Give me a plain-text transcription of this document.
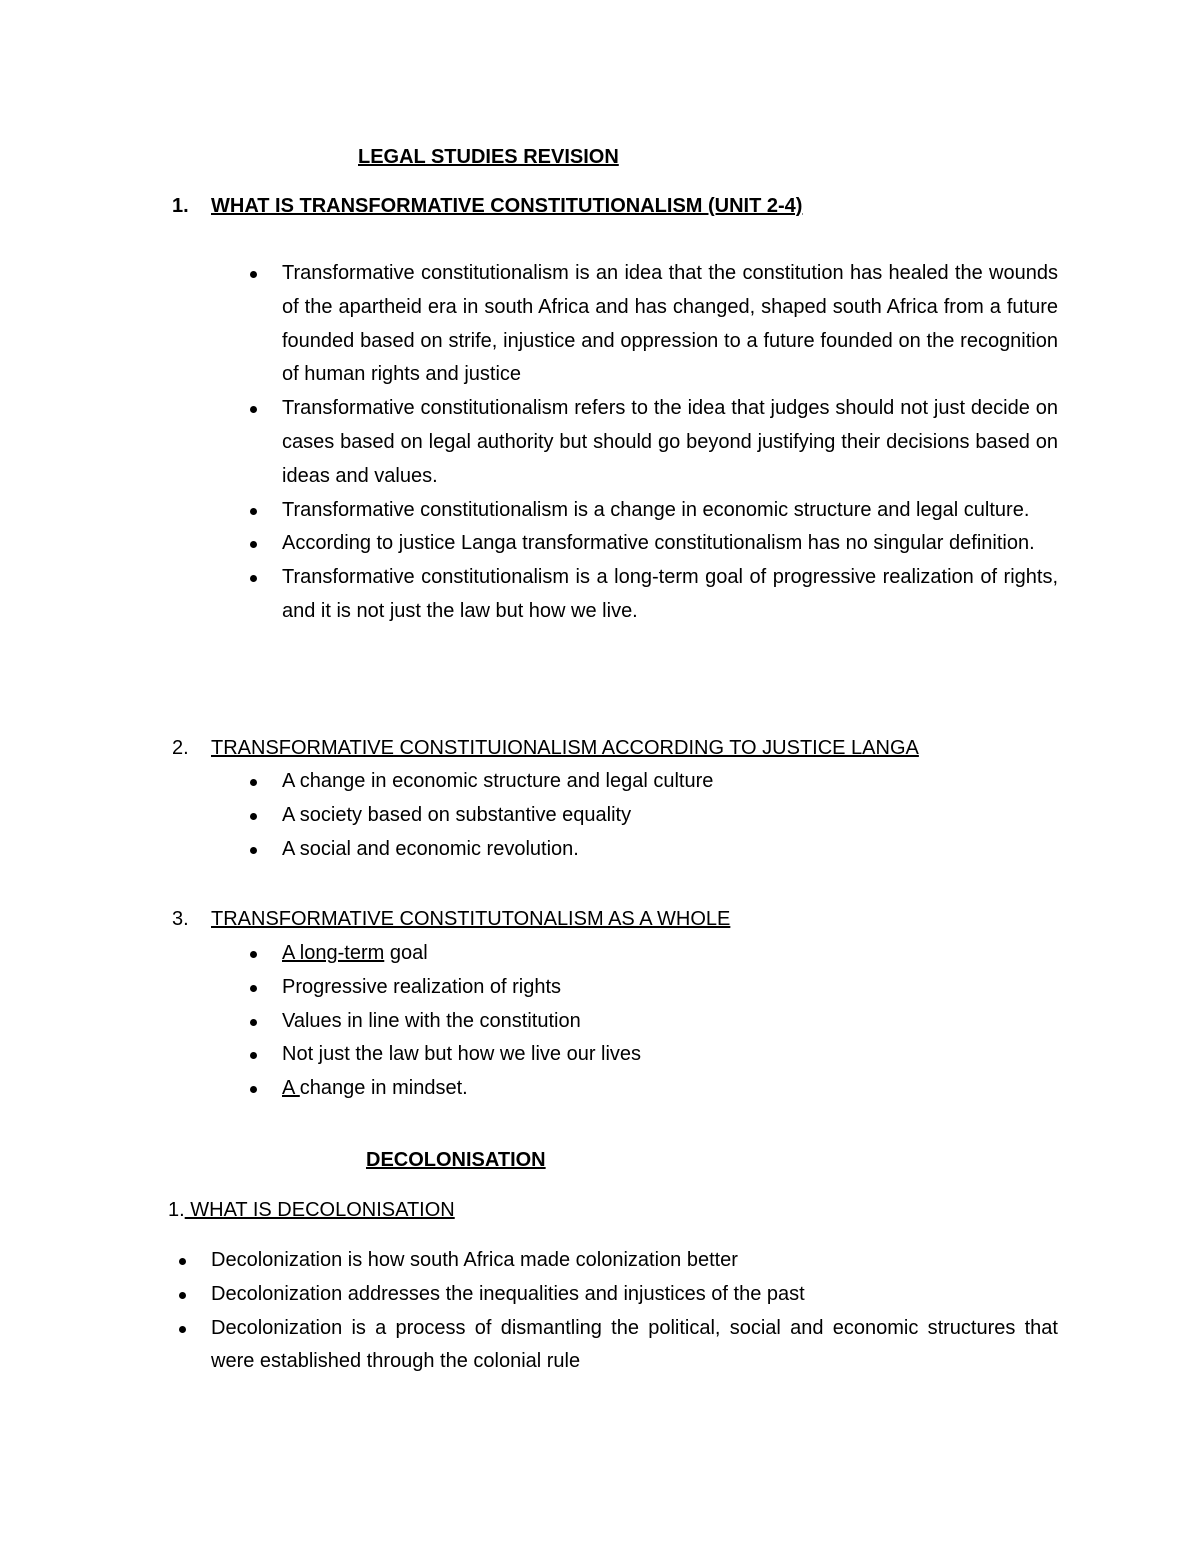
LEGAL STUDIES REVISION
1. WHAT IS TRANSFORMATIVE CONSTITUTIONALISM (UNIT 2-4)
Transformative constitutionalism is an idea that the constitution has healed the wounds of the apartheid era in south Africa and has changed, shaped south Africa from a future founded based on strife, injustice and oppression to a future founded on the recognition of human rights and justice
Transformative constitutionalism refers to the idea that judges should not just decide on cases based on legal authority but should go beyond justifying their decisions based on ideas and values.
Transformative constitutionalism is a change in economic structure and legal culture.
According to justice Langa transformative constitutionalism has no singular definition.
Transformative constitutionalism is a long-term goal of progressive realization of rights, and it is not just the law but how we live.
2. TRANSFORMATIVE CONSTITUIONALISM ACCORDING TO JUSTICE LANGA
A change in economic structure and legal culture
A society based on substantive equality
A social and economic revolution.
3. TRANSFORMATIVE CONSTITUTONALISM AS A WHOLE
A long-term goal
Progressive realization of rights
Values in line with the constitution
Not just the law but how we live our lives
A change in mindset.
DECOLONISATION
1. WHAT IS DECOLONISATION
Decolonization is how south Africa made colonization better
Decolonization addresses the inequalities and injustices of the past
Decolonization is a process of dismantling the political, social and economic structures that were established through the colonial rule
